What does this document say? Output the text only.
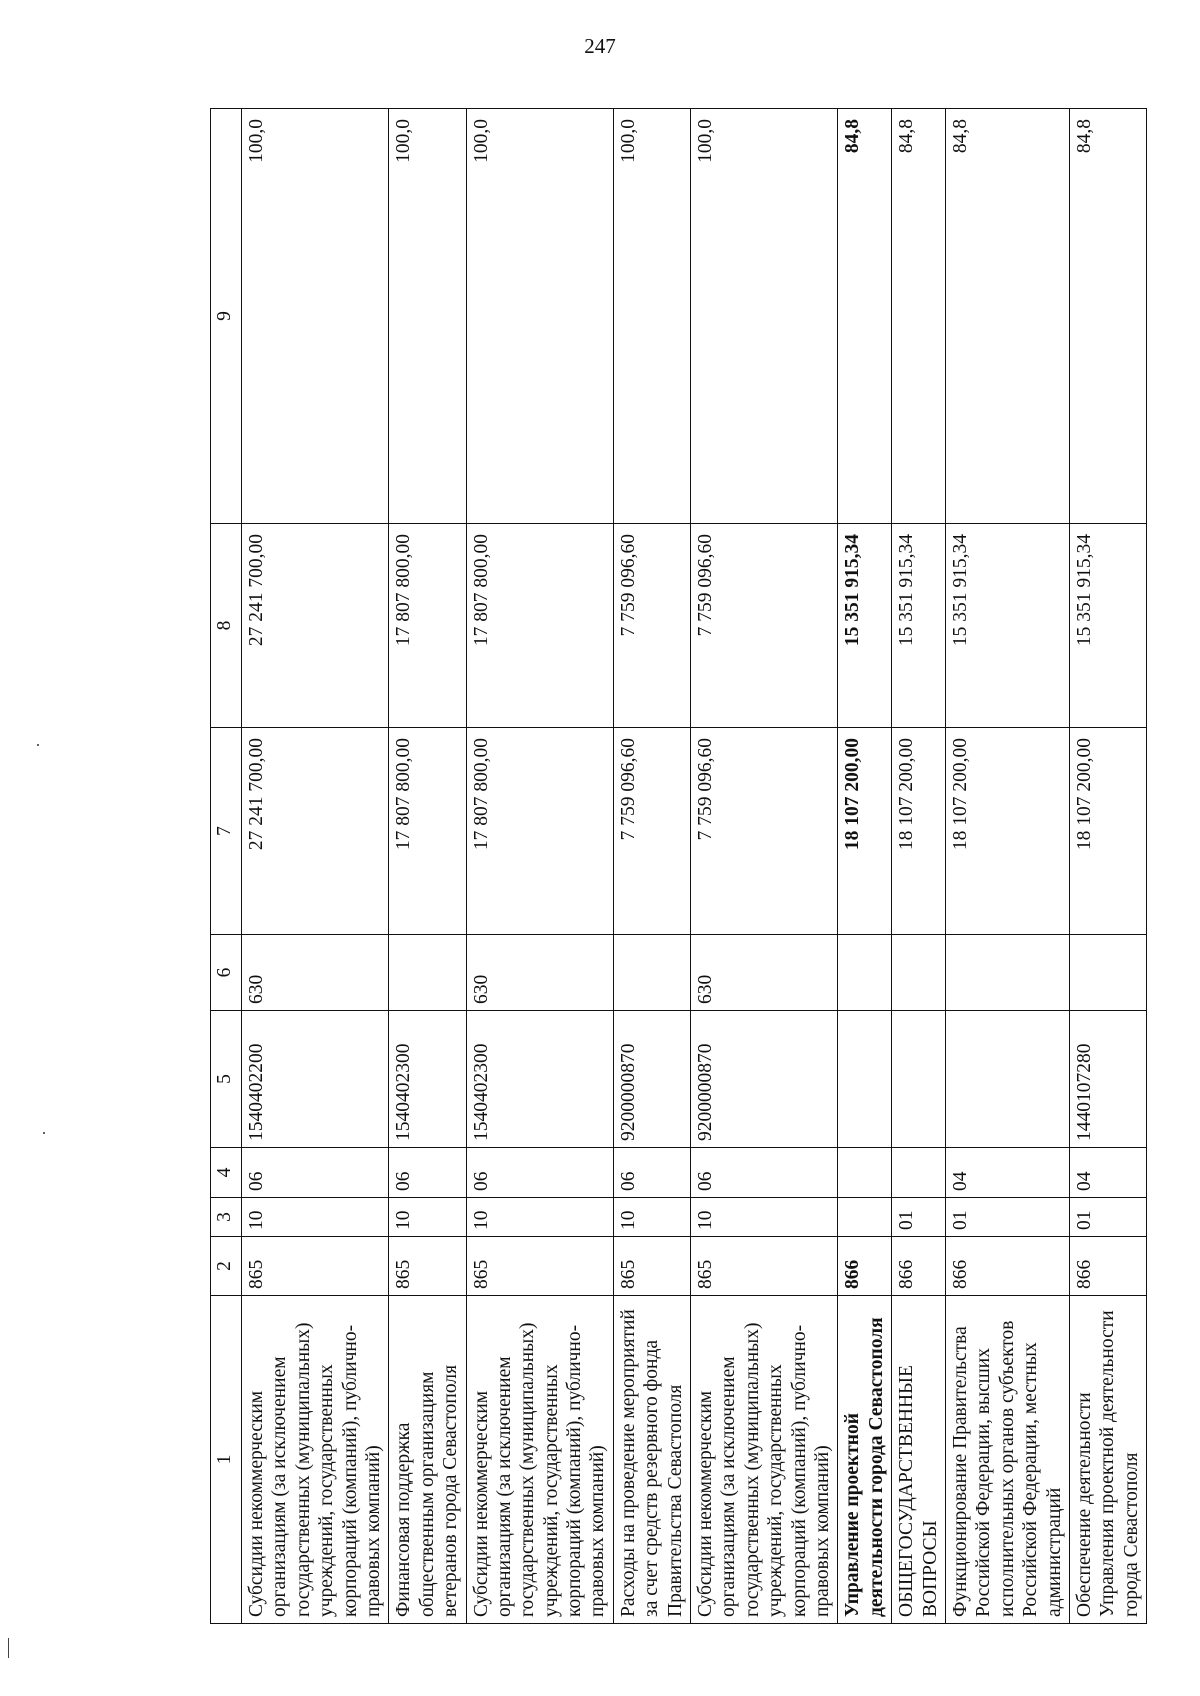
247
1	2	3	4	5	6	7	8	9
Субсидии некоммерческим организациям (за исключением государственных (муниципальных) учреждений, государственных корпораций (компаний), публично-правовых компаний)	865	10	06	1540402200	630	27 241 700,00	27 241 700,00	100,0
Финансовая поддержка общественным организациям ветеранов города Севастополя	865	10	06	1540402300		17 807 800,00	17 807 800,00	100,0
Субсидии некоммерческим организациям (за исключением государственных (муниципальных) учреждений, государственных корпораций (компаний), публично-правовых компаний)	865	10	06	1540402300	630	17 807 800,00	17 807 800,00	100,0
Расходы на проведение мероприятий за счет средств резервного фонда Правительства Севастополя	865	10	06	9200000870		7 759 096,60	7 759 096,60	100,0
Субсидии некоммерческим организациям (за исключением государственных (муниципальных) учреждений, государственных корпораций (компаний), публично-правовых компаний)	865	10	06	9200000870	630	7 759 096,60	7 759 096,60	100,0
Управление проектной деятельности города Севастополя	866					18 107 200,00	15 351 915,34	84,8
ОБЩЕГОСУДАРСТВЕННЫЕ ВОПРОСЫ	866	01				18 107 200,00	15 351 915,34	84,8
Функционирование Правительства Российской Федерации, высших исполнительных органов субъектов Российской Федерации, местных администраций	866	01	04			18 107 200,00	15 351 915,34	84,8
Обеспечение деятельности Управления проектной деятельности города Севастополя	866	01	04	1440107280		18 107 200,00	15 351 915,34	84,8
